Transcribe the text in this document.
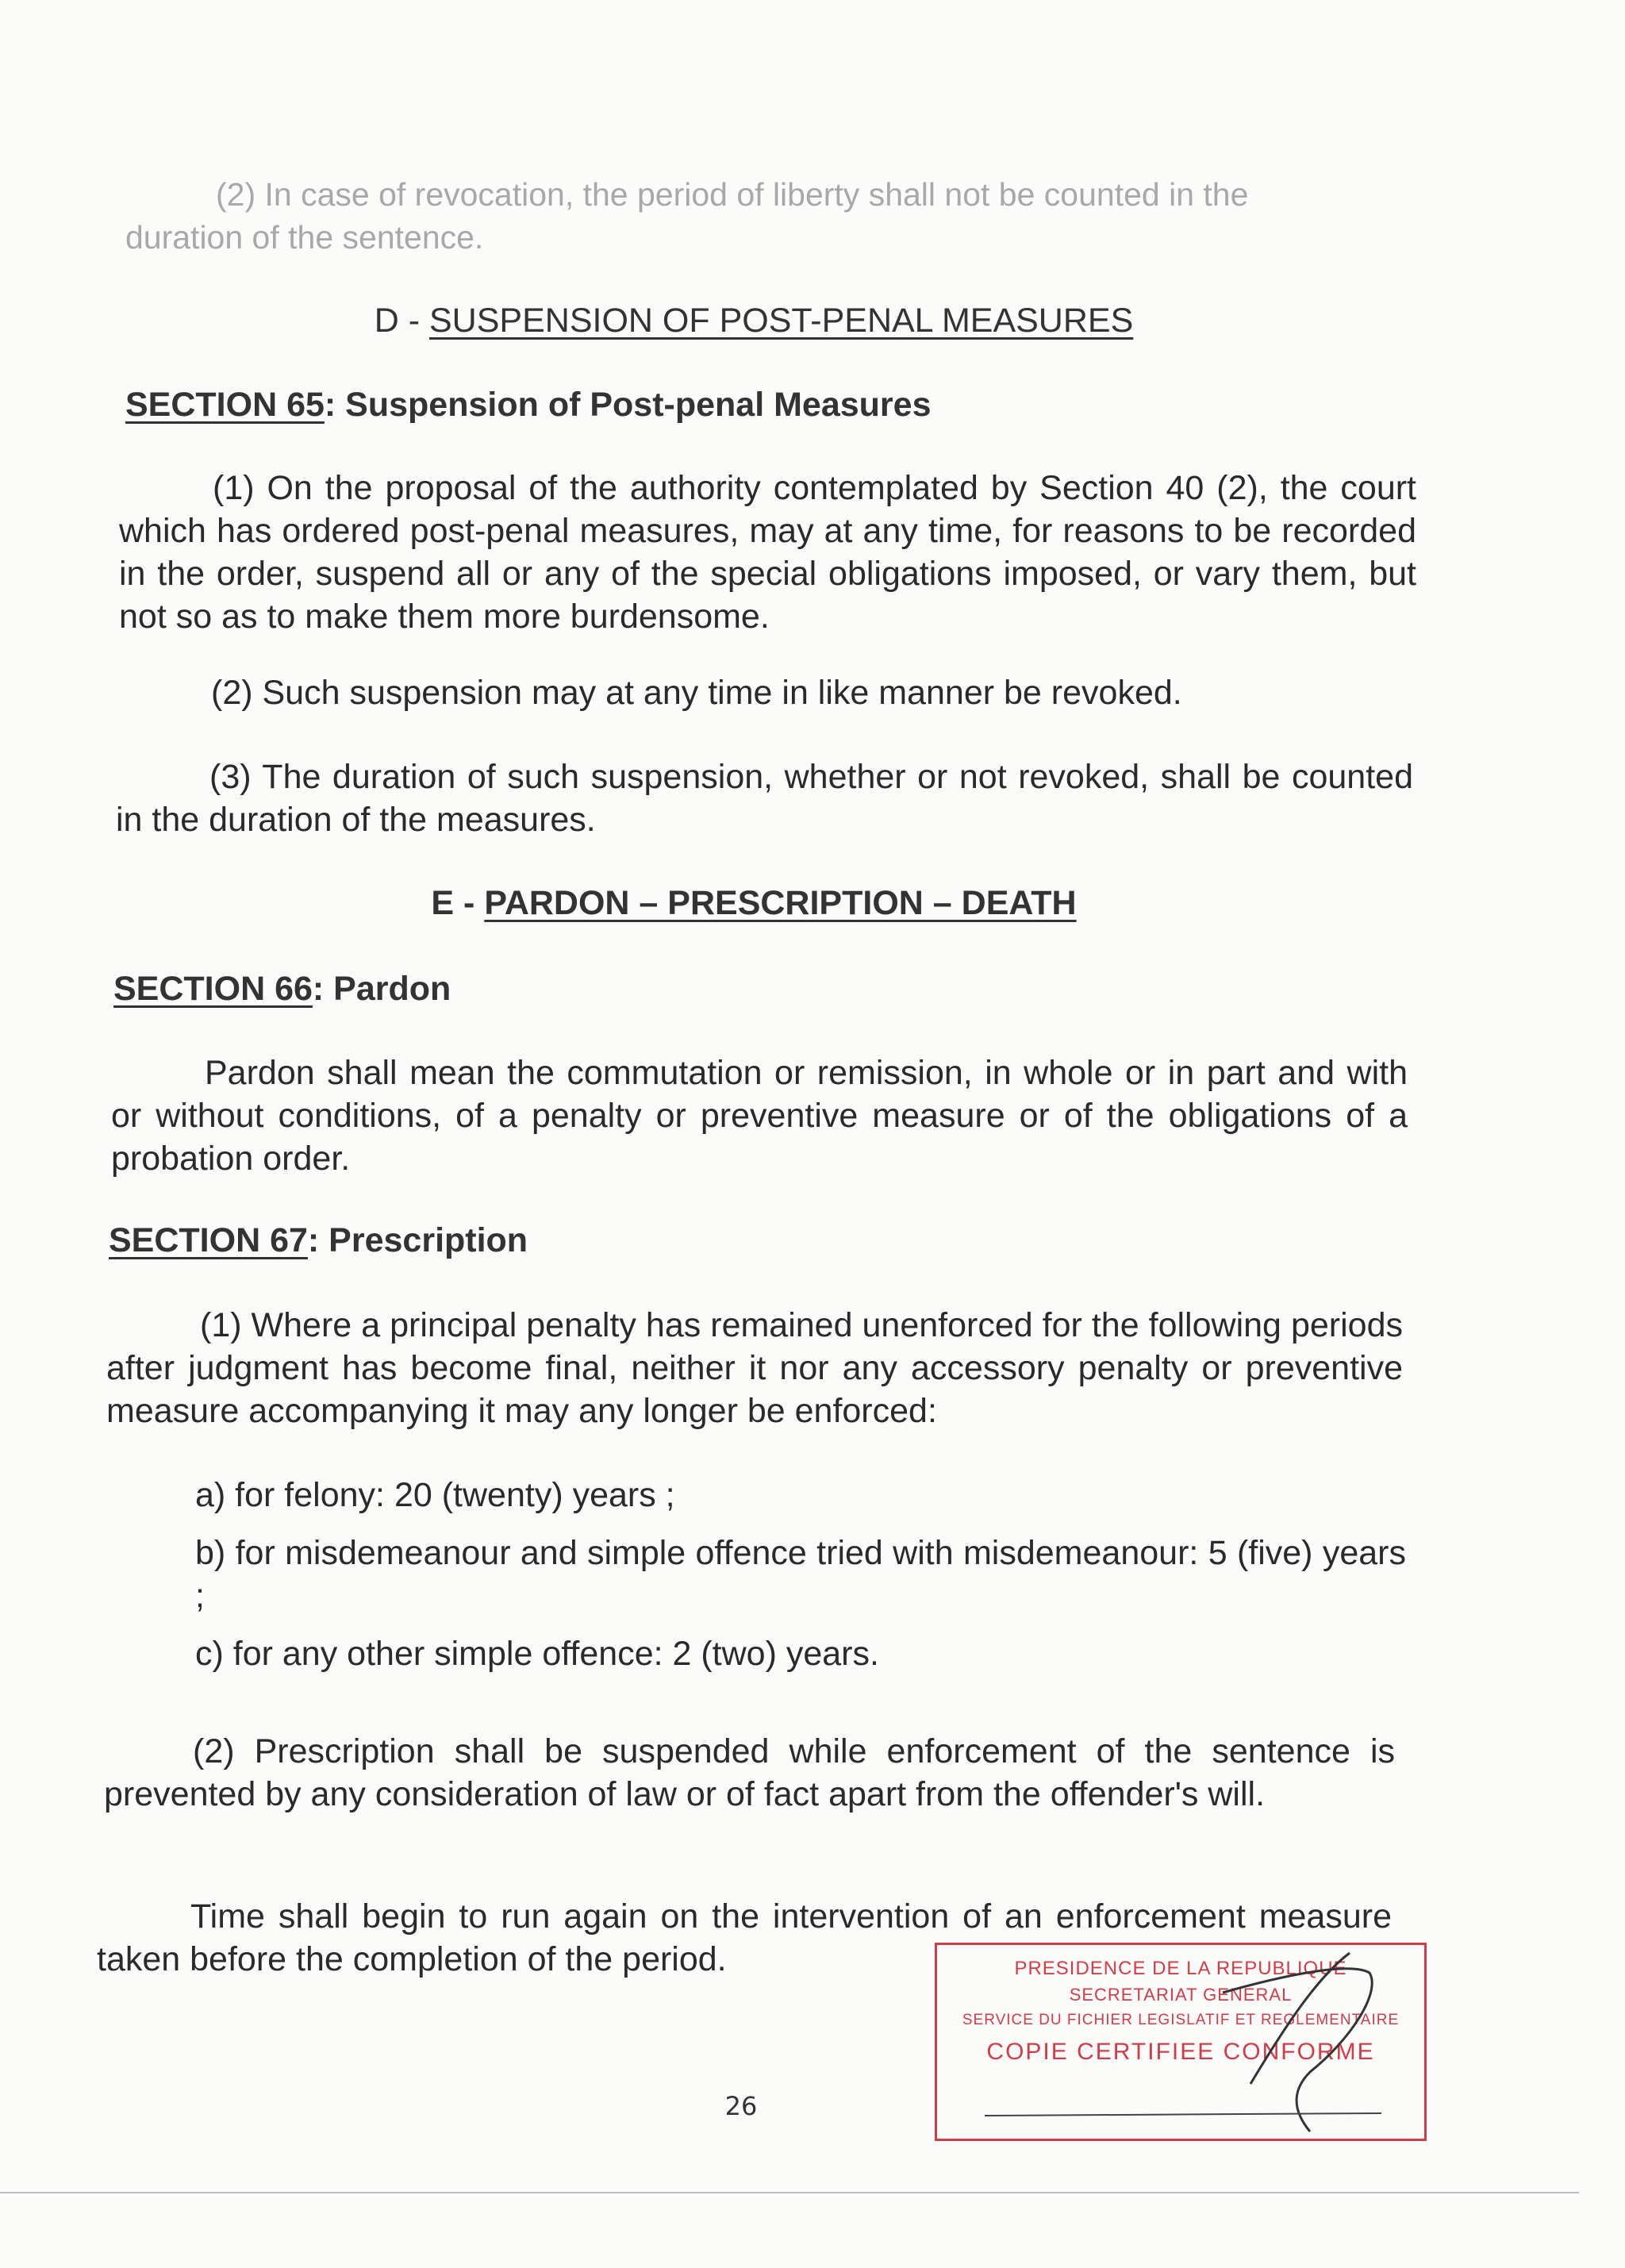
(2) In case of revocation, the period of liberty shall not be counted in the

duration of the sentence.

D - SUSPENSION OF POST-PENAL MEASURES
SECTION 65: Suspension of Post-penal Measures

(1) On the proposal of the authority contemplated by Section 40 (2), the court which has ordered post-penal measures, may at any time, for reasons to be recorded in the order, suspend all or any of the special obligations imposed, or vary them, but not so as to make them more burdensome.

(2) Such suspension may at any time in like manner be revoked.

(3) The duration of such suspension, whether or not revoked, shall be counted in the duration of the measures.

E - PARDON – PRESCRIPTION – DEATH
SECTION 66: Pardon

Pardon shall mean the commutation or remission, in whole or in part and with or without conditions, of a penalty or preventive measure or of the obligations of a probation order.

SECTION 67: Prescription

(1) Where a principal penalty has remained unenforced for the following periods after judgment has become final, neither it nor any accessory penalty or preventive measure accompanying it may any longer be enforced:

a) for felony: 20 (twenty) years ;

b) for misdemeanour and simple offence tried with misdemeanour: 5 (five) years ;

c) for any other simple offence: 2 (two) years.

(2) Prescription shall be suspended while enforcement of the sentence is prevented by any consideration of law or of fact apart from the offender's will.

Time shall begin to run again on the intervention of an enforcement measure taken before the completion of the period.	PRESIDENCE DE LA REPUBLIQUE
SECRETARIAT GENERAL
SERVICE DU FICHIER LEGISLATIF ET REGLEMENTAIRE
COPIE CERTIFIEE CONFORME
26
